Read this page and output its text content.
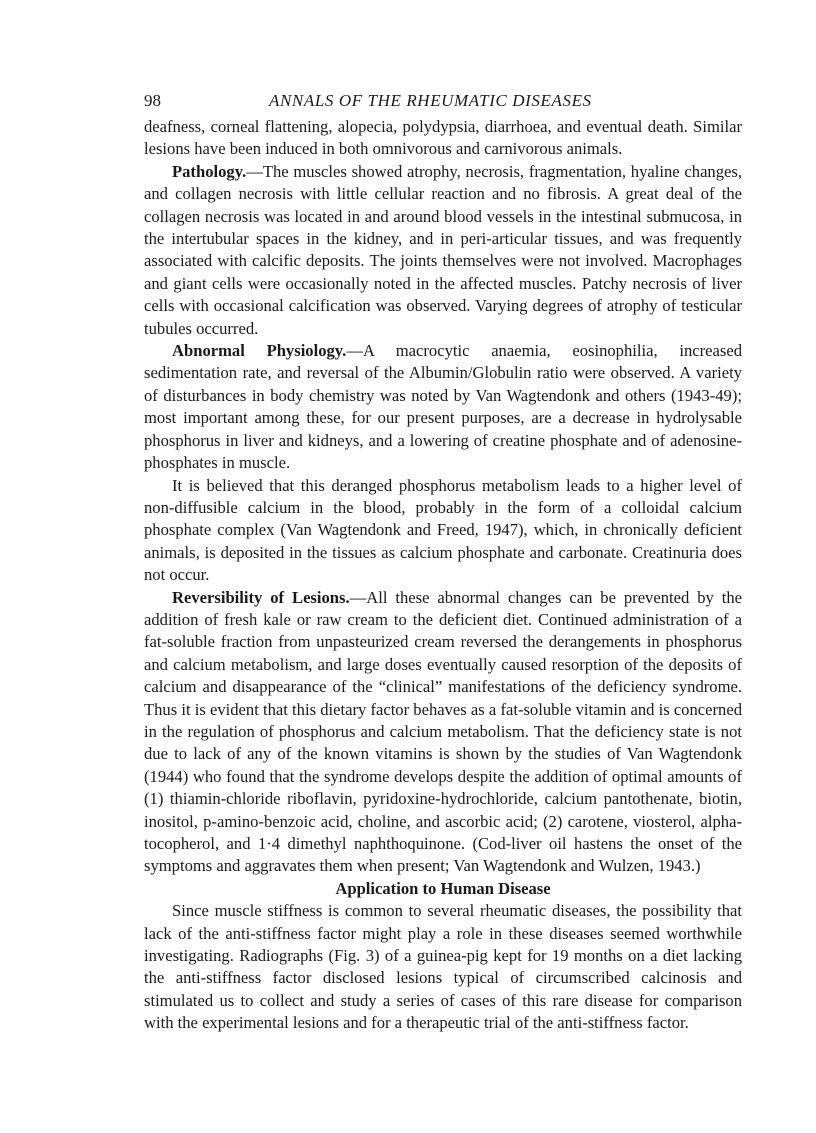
98	ANNALS OF THE RHEUMATIC DISEASES

deafness, corneal flattening, alopecia, polydypsia, diarrhoea, and eventual death. Similar lesions have been induced in both omnivorous and carnivorous animals.

Pathology.—The muscles showed atrophy, necrosis, fragmentation, hyaline changes, and collagen necrosis with little cellular reaction and no fibrosis. A great deal of the collagen necrosis was located in and around blood vessels in the intestinal submucosa, in the intertubular spaces in the kidney, and in peri-articular tissues, and was frequently associated with calcific deposits. The joints themselves were not involved. Macrophages and giant cells were occasionally noted in the affected muscles. Patchy necrosis of liver cells with occasional calcification was observed. Varying degrees of atrophy of testicular tubules occurred.

Abnormal Physiology.—A macrocytic anaemia, eosinophilia, increased sedimentation rate, and reversal of the Albumin/Globulin ratio were observed. A variety of disturbances in body chemistry was noted by Van Wagtendonk and others (1943-49); most important among these, for our present purposes, are a decrease in hydrolysable phosphorus in liver and kidneys, and a lowering of creatine phosphate and of adenosine-phosphates in muscle.

It is believed that this deranged phosphorus metabolism leads to a higher level of non-diffusible calcium in the blood, probably in the form of a colloidal calcium phosphate complex (Van Wagtendonk and Freed, 1947), which, in chronically deficient animals, is deposited in the tissues as calcium phosphate and carbonate. Creatinuria does not occur.

Reversibility of Lesions.—All these abnormal changes can be prevented by the addition of fresh kale or raw cream to the deficient diet. Continued administration of a fat-soluble fraction from unpasteurized cream reversed the derangements in phosphorus and calcium metabolism, and large doses eventually caused resorption of the deposits of calcium and disappearance of the “clinical” manifestations of the deficiency syndrome. Thus it is evident that this dietary factor behaves as a fat-soluble vitamin and is concerned in the regulation of phosphorus and calcium metabolism. That the deficiency state is not due to lack of any of the known vitamins is shown by the studies of Van Wagtendonk (1944) who found that the syndrome develops despite the addition of optimal amounts of (1) thiamin-chloride riboflavin, pyridoxine-hydrochloride, calcium pantothenate, biotin, inositol, p-amino-benzoic acid, choline, and ascorbic acid; (2) carotene, viosterol, alpha-tocopherol, and 1·4 dimethyl naphthoquinone. (Cod-liver oil hastens the onset of the symptoms and aggravates them when present; Van Wagtendonk and Wulzen, 1943.)

Application to Human Disease

Since muscle stiffness is common to several rheumatic diseases, the possibility that lack of the anti-stiffness factor might play a role in these diseases seemed worthwhile investigating. Radiographs (Fig. 3) of a guinea-pig kept for 19 months on a diet lacking the anti-stiffness factor disclosed lesions typical of circumscribed calcinosis and stimulated us to collect and study a series of cases of this rare disease for comparison with the experimental lesions and for a therapeutic trial of the anti-stiffness factor.
